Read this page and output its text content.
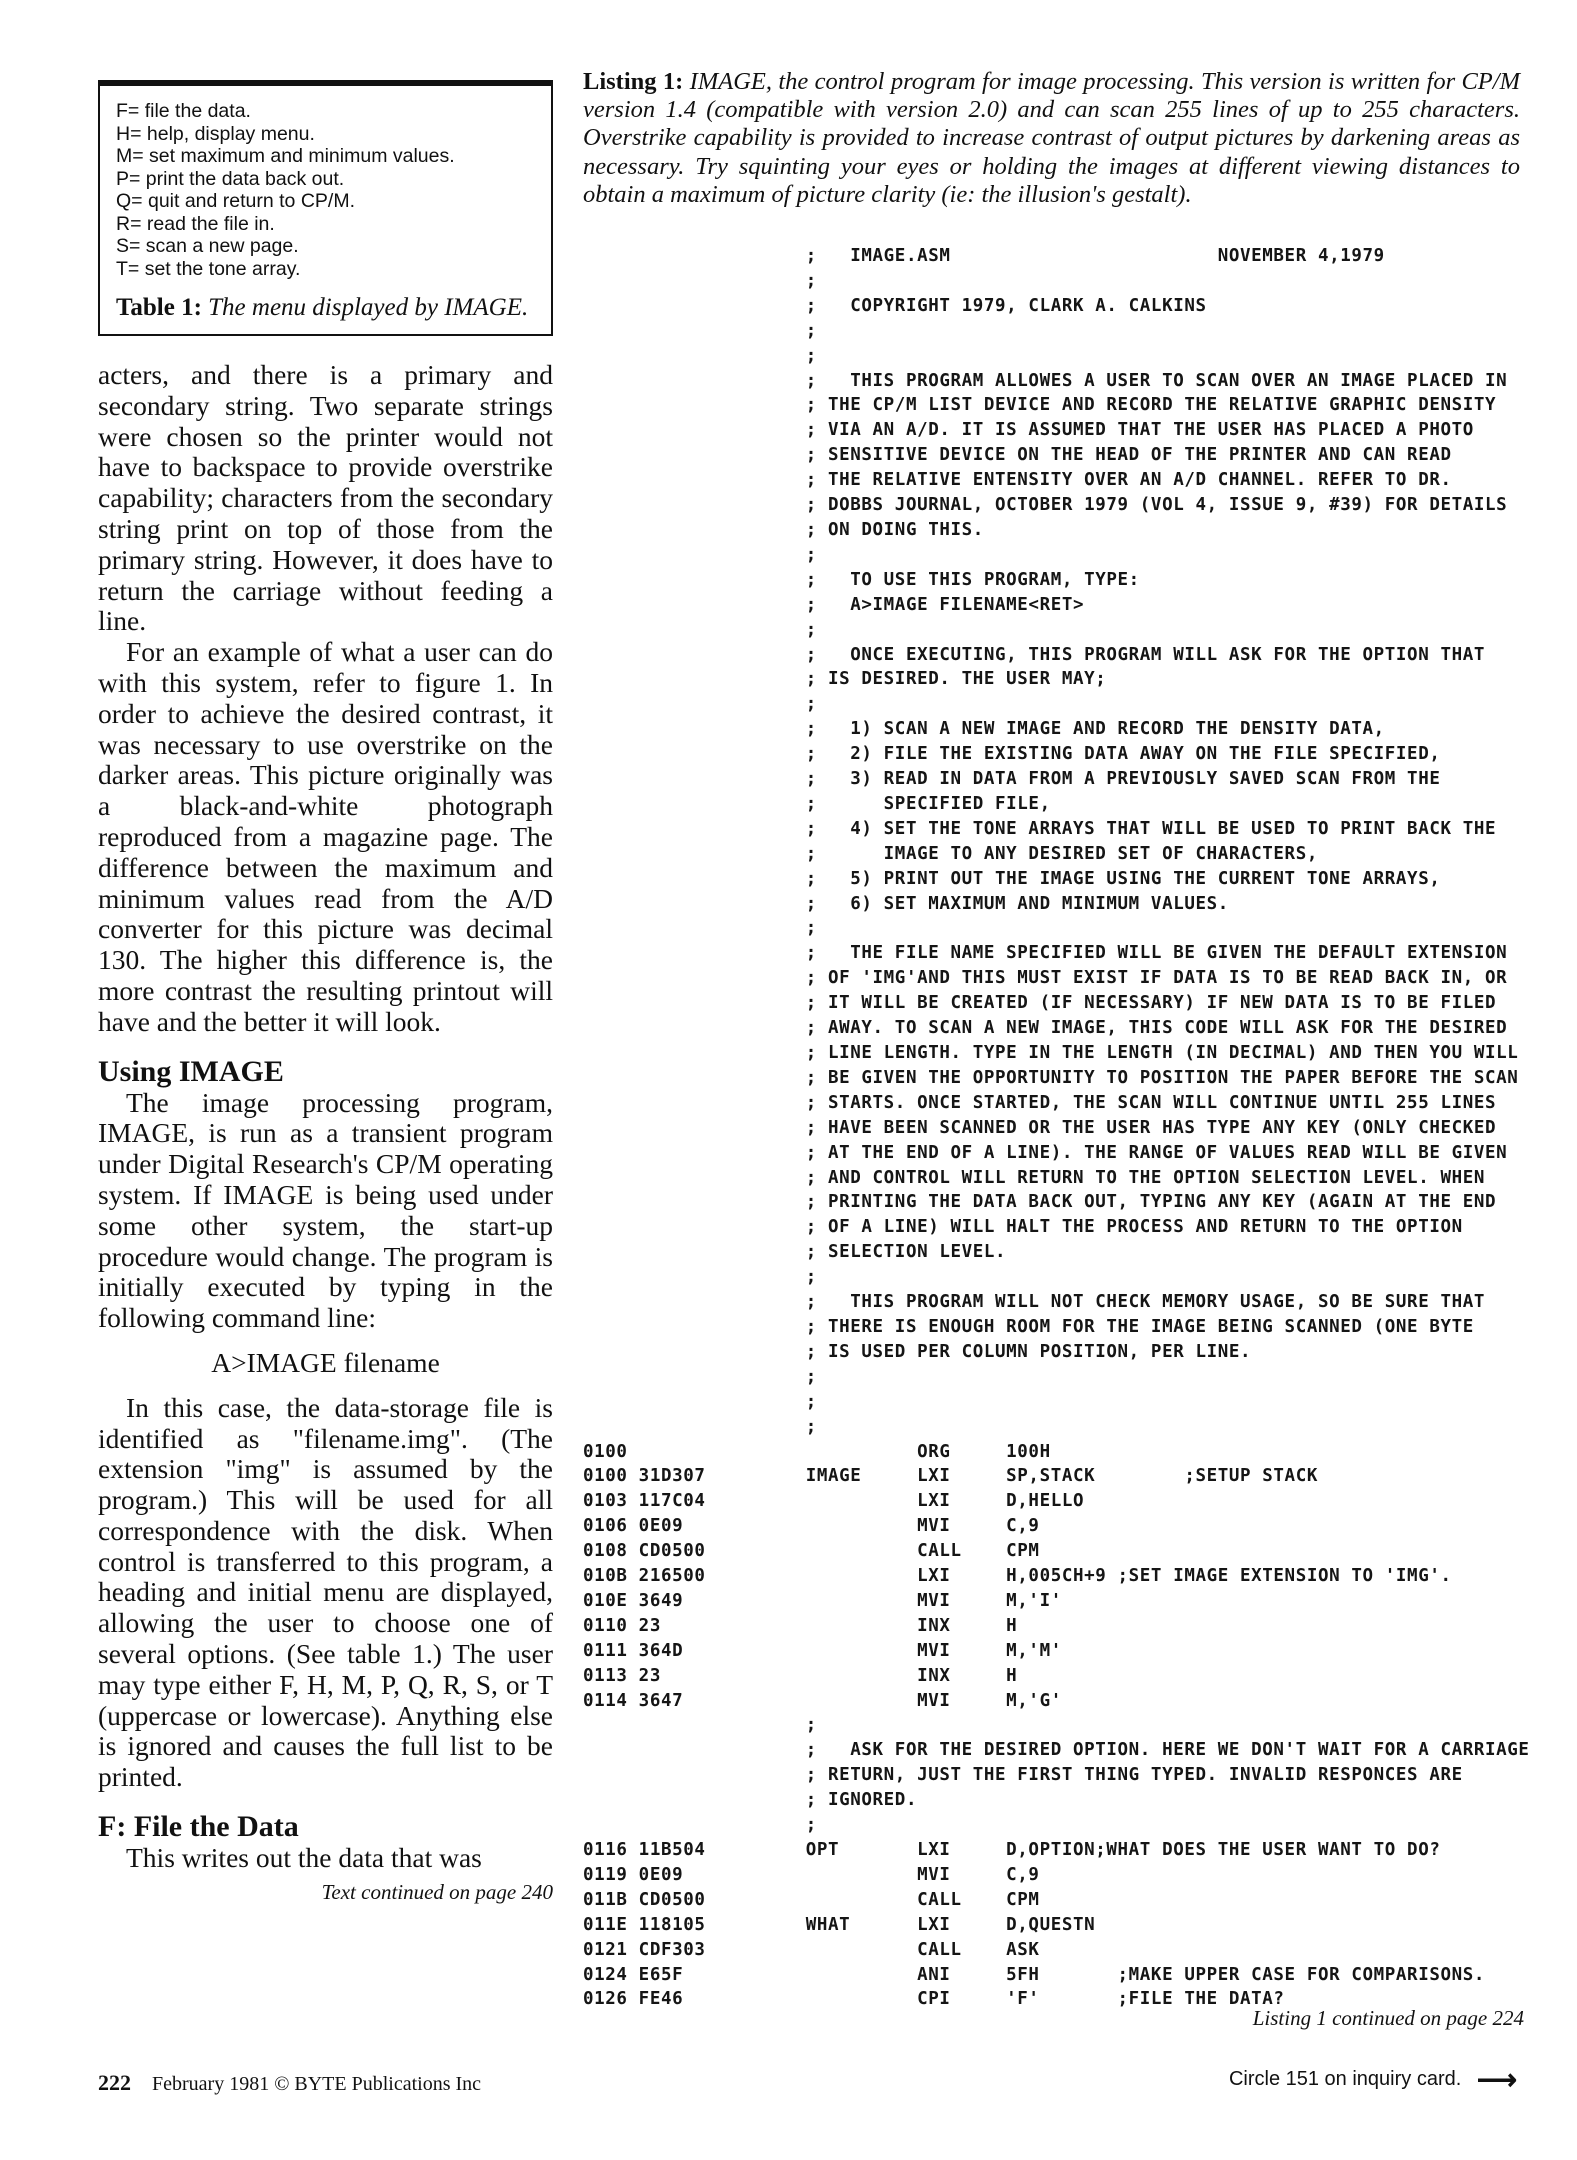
F= file the data.
H= help, display menu.
M= set maximum and minimum values.
P= print the data back out.
Q= quit and return to CP/M.
R= read the file in.
S= scan a new page.
T= set the tone array.
Table 1: The menu displayed by IMAGE.

acters, and there is a primary and secondary string. Two separate strings were chosen so the printer would not have to backspace to provide overstrike capability; characters from the secondary string print on top of those from the primary string. However, it does have to return the carriage without feeding a line.

For an example of what a user can do with this system, refer to figure 1. In order to achieve the desired contrast, it was necessary to use overstrike on the darker areas. This picture originally was a black-and-white photograph reproduced from a magazine page. The difference between the maximum and minimum values read from the A/D converter for this picture was decimal 130. The higher this difference is, the more contrast the resulting printout will have and the better it will look.

Using IMAGE

The image processing program, IMAGE, is run as a transient program under Digital Research's CP/M operating system. If IMAGE is being used under some other system, the start-up procedure would change. The program is initially executed by typing in the following command line:

A>IMAGE filename

In this case, the data-storage file is identified as "filename.img". (The extension "img" is assumed by the program.) This will be used for all correspondence with the disk. When control is transferred to this program, a heading and initial menu are displayed, allowing the user to choose one of several options. (See table 1.) The user may type either F, H, M, P, Q, R, S, or T (uppercase or lowercase). Anything else is ignored and causes the full list to be printed.

F: File the Data

This writes out the data that was

Text continued on page 240
Listing 1: IMAGE, the control program for image processing. This version is written for CP/M version 1.4 (compatible with version 2.0) and can scan 255 lines of up to 255 characters. Overstrike capability is provided to increase contrast of output pictures by darkening areas as necessary. Try squinting your eyes or holding the images at different viewing distances to obtain a maximum of picture clarity (ie: the illusion's gestalt).
;   IMAGE.ASM                        NOVEMBER 4,1979
;
;   COPYRIGHT 1979, CLARK A. CALKINS
;
;
;   THIS PROGRAM ALLOWES A USER TO SCAN OVER AN IMAGE PLACED IN
; THE CP/M LIST DEVICE AND RECORD THE RELATIVE GRAPHIC DENSITY
; VIA AN A/D. IT IS ASSUMED THAT THE USER HAS PLACED A PHOTO
; SENSITIVE DEVICE ON THE HEAD OF THE PRINTER AND CAN READ
; THE RELATIVE ENTENSITY OVER AN A/D CHANNEL. REFER TO DR.
; DOBBS JOURNAL, OCTOBER 1979 (VOL 4, ISSUE 9, #39) FOR DETAILS
; ON DOING THIS.
;
;   TO USE THIS PROGRAM, TYPE:
;   A>IMAGE FILENAME<RET>
;
;   ONCE EXECUTING, THIS PROGRAM WILL ASK FOR THE OPTION THAT
; IS DESIRED. THE USER MAY;
;
;   1) SCAN A NEW IMAGE AND RECORD THE DENSITY DATA,
;   2) FILE THE EXISTING DATA AWAY ON THE FILE SPECIFIED,
;   3) READ IN DATA FROM A PREVIOUSLY SAVED SCAN FROM THE
;      SPECIFIED FILE,
;   4) SET THE TONE ARRAYS THAT WILL BE USED TO PRINT BACK THE
;      IMAGE TO ANY DESIRED SET OF CHARACTERS,
;   5) PRINT OUT THE IMAGE USING THE CURRENT TONE ARRAYS,
;   6) SET MAXIMUM AND MINIMUM VALUES.
;
;   THE FILE NAME SPECIFIED WILL BE GIVEN THE DEFAULT EXTENSION
; OF 'IMG'AND THIS MUST EXIST IF DATA IS TO BE READ BACK IN, OR
; IT WILL BE CREATED (IF NECESSARY) IF NEW DATA IS TO BE FILED
; AWAY. TO SCAN A NEW IMAGE, THIS CODE WILL ASK FOR THE DESIRED
; LINE LENGTH. TYPE IN THE LENGTH (IN DECIMAL) AND THEN YOU WILL
; BE GIVEN THE OPPORTUNITY TO POSITION THE PAPER BEFORE THE SCAN
; STARTS. ONCE STARTED, THE SCAN WILL CONTINUE UNTIL 255 LINES
; HAVE BEEN SCANNED OR THE USER HAS TYPE ANY KEY (ONLY CHECKED
; AT THE END OF A LINE). THE RANGE OF VALUES READ WILL BE GIVEN
; AND CONTROL WILL RETURN TO THE OPTION SELECTION LEVEL. WHEN
; PRINTING THE DATA BACK OUT, TYPING ANY KEY (AGAIN AT THE END
; OF A LINE) WILL HALT THE PROCESS AND RETURN TO THE OPTION
; SELECTION LEVEL.
;
;   THIS PROGRAM WILL NOT CHECK MEMORY USAGE, SO BE SURE THAT
; THERE IS ENOUGH ROOM FOR THE IMAGE BEING SCANNED (ONE BYTE
; IS USED PER COLUMN POSITION, PER LINE.
;
;
;
0100                          ORG     100H
0100 31D307         IMAGE     LXI     SP,STACK        ;SETUP STACK
0103 117C04                   LXI     D,HELLO
0106 0E09                     MVI     C,9
0108 CD0500                   CALL    CPM
010B 216500                   LXI     H,005CH+9 ;SET IMAGE EXTENSION TO 'IMG'.
010E 3649                     MVI     M,'I'
0110 23                       INX     H
0111 364D                     MVI     M,'M'
0113 23                       INX     H
0114 3647                     MVI     M,'G'
;
;   ASK FOR THE DESIRED OPTION. HERE WE DON'T WAIT FOR A CARRIAGE
; RETURN, JUST THE FIRST THING TYPED. INVALID RESPONCES ARE
; IGNORED.
;
0116 11B504         OPT       LXI     D,OPTION;WHAT DOES THE USER WANT TO DO?
0119 0E09                     MVI     C,9
011B CD0500                   CALL    CPM
011E 118105         WHAT      LXI     D,QUESTN
0121 CDF303                   CALL    ASK
0124 E65F                     ANI     5FH       ;MAKE UPPER CASE FOR COMPARISONS.
0126 FE46                     CPI     'F'       ;FILE THE DATA?
Listing 1 continued on page 224
222 February 1981 © BYTE Publications Inc	Circle 151 on inquiry card. ⟶
